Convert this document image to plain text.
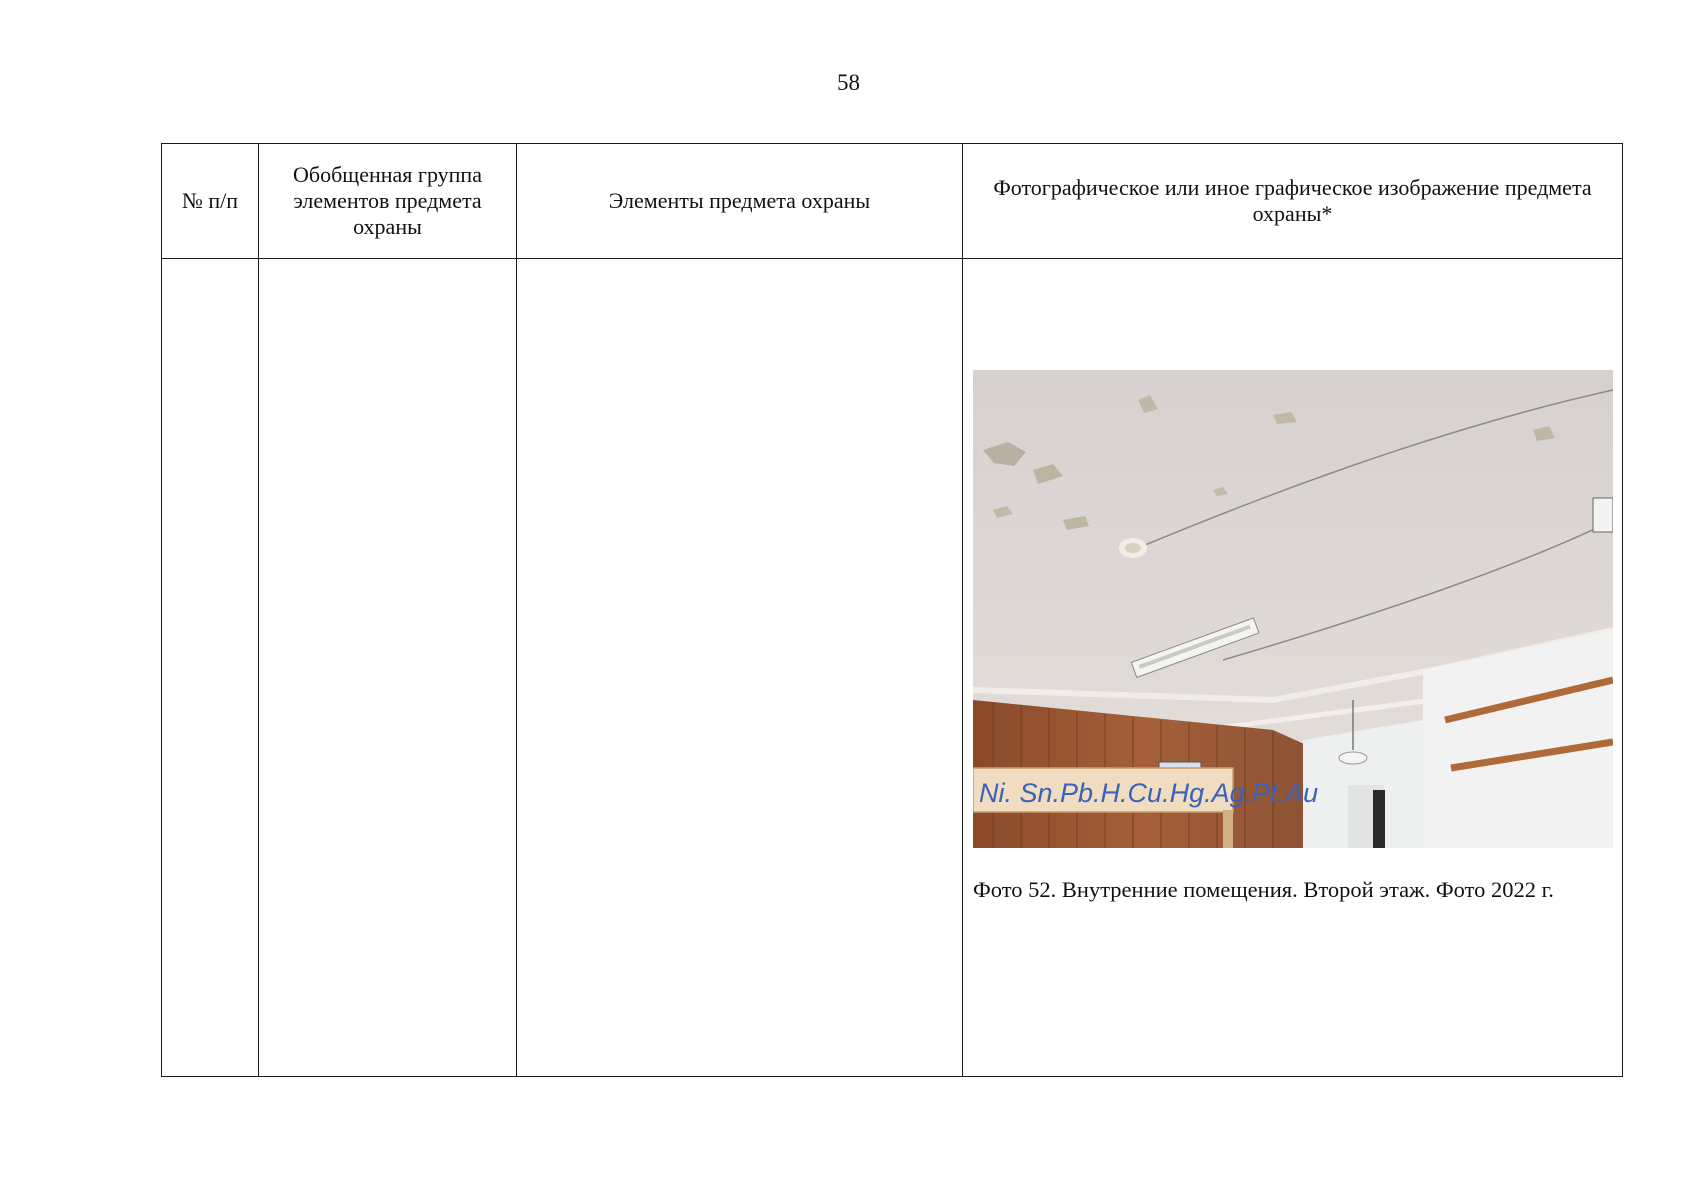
58
№ п/п	Обобщенная группа элементов предмета охраны	Элементы предмета охраны	Фотографическое или иное графическое изображение предмета охраны*

Ni. Sn.Pb.H.Cu.Hg.Ag.Pt.Au
Фото 52. Внутренние помещения. Второй этаж. Фото 2022 г.
